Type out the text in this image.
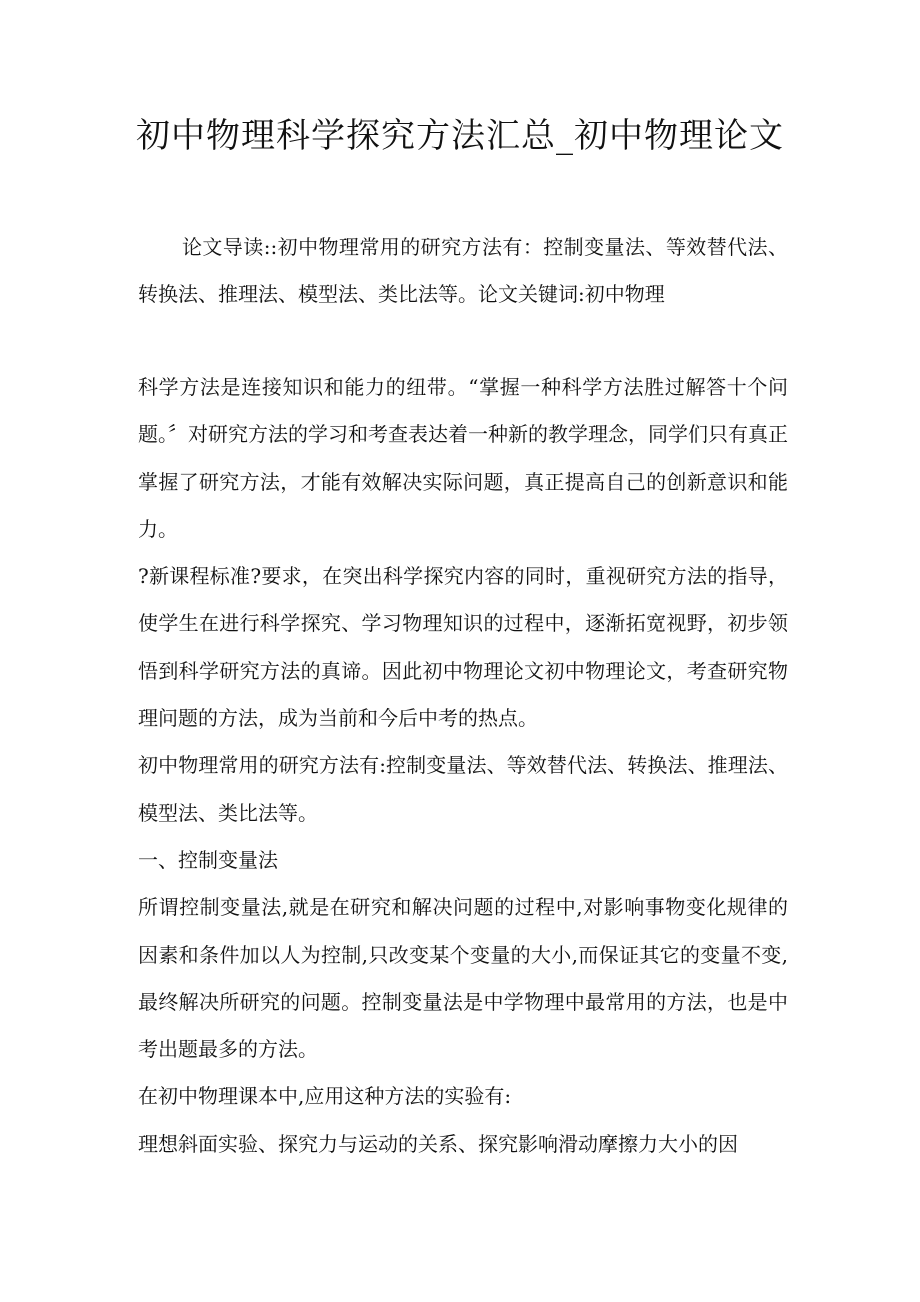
初中物理科学探究方法汇总_初中物理论文
论文导读::初中物理常用的研究方法有：控制变量法、等效替代法、转换法、推理法、模型法、类比法等。论文关键词:初中物理

科学方法是连接知识和能力的纽带。“掌握一种科学方法胜过解答十个问题。〞对研究方法的学习和考查表达着一种新的教学理念，同学们只有真正掌握了研究方法，才能有效解决实际问题，真正提高自己的创新意识和能力。

?新课程标准?要求，在突出科学探究内容的同时，重视研究方法的指导，使学生在进行科学探究、学习物理知识的过程中，逐渐拓宽视野，初步领悟到科学研究方法的真谛。因此初中物理论文初中物理论文，考查研究物理问题的方法，成为当前和今后中考的热点。

初中物理常用的研究方法有:控制变量法、等效替代法、转换法、推理法、模型法、类比法等。

一、控制变量法

所谓控制变量法,就是在研究和解决问题的过程中,对影响事物变化规律的因素和条件加以人为控制,只改变某个变量的大小,而保证其它的变量不变,最终解决所研究的问题。控制变量法是中学物理中最常用的方法，也是中考出题最多的方法。

在初中物理课本中,应用这种方法的实验有:

理想斜面实验、探究力与运动的关系、探究影响滑动摩擦力大小的因
